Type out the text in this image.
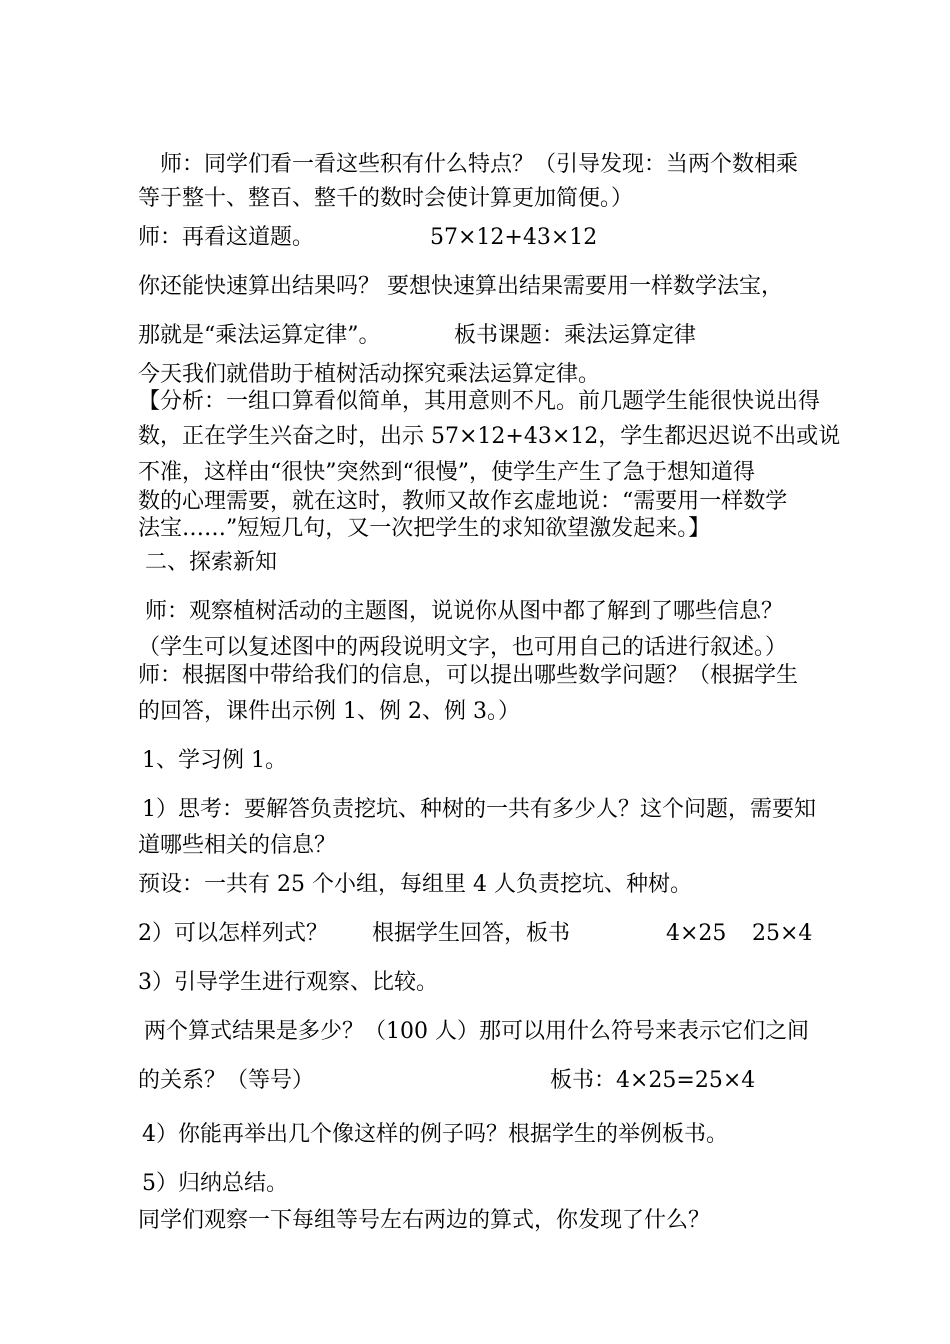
师：同学们看一看这些积有什么特点？（引导发现：当两个数相乘

等于整十、整百、整千的数时会使计算更加简便。）

师：再看这道题。	57×12+43×12

你还能快速算出结果吗？ 要想快速算出结果需要用一样数学法宝，

那就是“乘法运算定律”。	板书课题：乘法运算定律

今天我们就借助于植树活动探究乘法运算定律。

【分析：一组口算看似简单，其用意则不凡。前几题学生能很快说出得

数，正在学生兴奋之时，出示 57×12+43×12，学生都迟迟说不出或说

不准，这样由“很快”突然到“很慢”，使学生产生了急于想知道得

数的心理需要，就在这时，教师又故作玄虚地说：“需要用一样数学

法宝……”短短几句，又一次把学生的求知欲望激发起来。】

二、探索新知

师：观察植树活动的主题图，说说你从图中都了解到了哪些信息？

（学生可以复述图中的两段说明文字，也可用自己的话进行叙述。）

师：根据图中带给我们的信息，可以提出哪些数学问题？（根据学生

的回答，课件出示例 1、例 2、例 3。）

1、学习例 1。

1）思考：要解答负责挖坑、种树的一共有多少人？这个问题，需要知

道哪些相关的信息？

预设：一共有 25 个小组，每组里 4 人负责挖坑、种树。

2）可以怎样列式？ 根据学生回答，板书	4×25 25×4

3）引导学生进行观察、比较。

两个算式结果是多少？（100 人）那可以用什么符号来表示它们之间

的关系？（等号）	板书：4×25=25×4

4）你能再举出几个像这样的例子吗？根据学生的举例板书。

5）归纳总结。

同学们观察一下每组等号左右两边的算式，你发现了什么？
